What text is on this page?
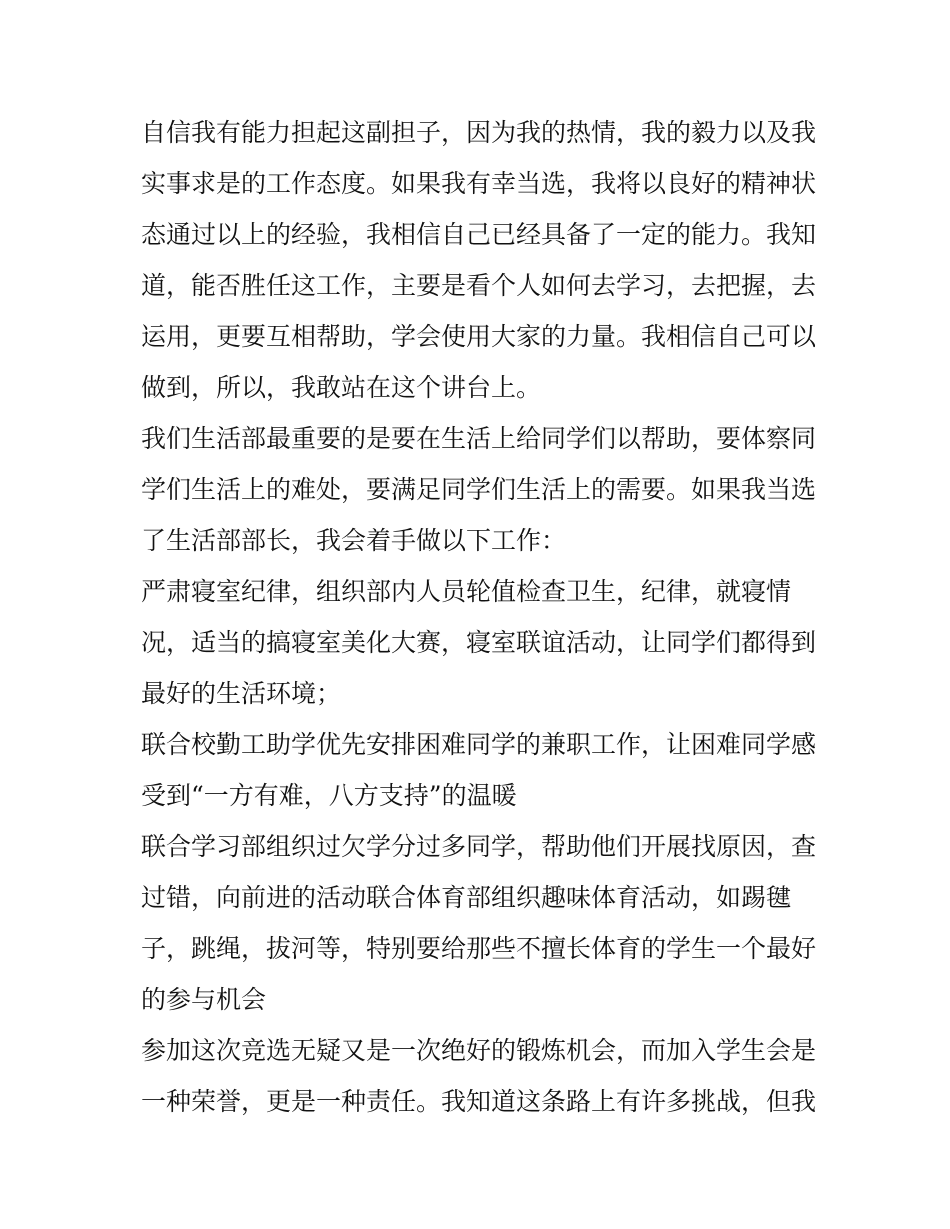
自信我有能力担起这副担子，因为我的热情，我的毅力以及我
实事求是的工作态度。如果我有幸当选，我将以良好的精神状
态通过以上的经验，我相信自己已经具备了一定的能力。我知
道，能否胜任这工作，主要是看个人如何去学习，去把握，去
运用，更要互相帮助，学会使用大家的力量。我相信自己可以
做到，所以，我敢站在这个讲台上。
我们生活部最重要的是要在生活上给同学们以帮助，要体察同
学们生活上的难处，要满足同学们生活上的需要。如果我当选
了生活部部长，我会着手做以下工作：
严肃寝室纪律，组织部内人员轮值检查卫生，纪律，就寝情
况，适当的搞寝室美化大赛，寝室联谊活动，让同学们都得到
最好的生活环境；
联合校勤工助学优先安排困难同学的兼职工作，让困难同学感
受到“一方有难，八方支持”的温暖
联合学习部组织过欠学分过多同学，帮助他们开展找原因，查
过错，向前进的活动联合体育部组织趣味体育活动，如踢毽
子，跳绳，拔河等，特别要给那些不擅长体育的学生一个最好
的参与机会
参加这次竞选无疑又是一次绝好的锻炼机会，而加入学生会是
一种荣誉，更是一种责任。我知道这条路上有许多挑战，但我
